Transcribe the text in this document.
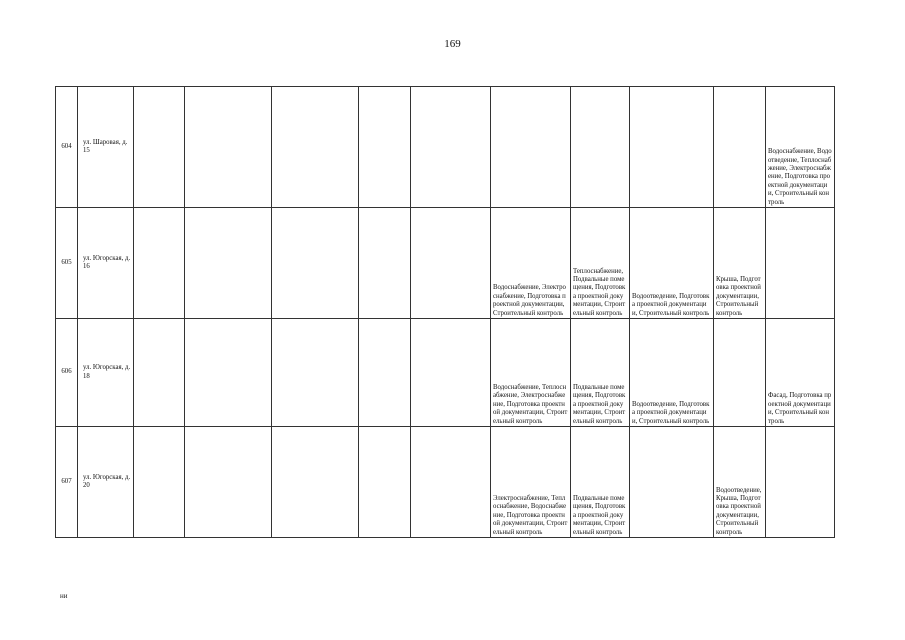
169
604	ул. Шаровая, д. 15										Водоснабжение, Водоотведение, Теплоснабжение, Электроснабжение, Подготовка проектной документации, Строительный контроль
605	ул. Югорская, д. 16						Водоснабжение, Электроснабжение, Подготовка проектной документации, Строительный контроль	Теплоснабжение, Подвальные помещения, Подготовка проектной документации, Строительный контроль	Водоотведение, Подготовка проектной документации, Строительный контроль	Крыша, Подготовка проектной документации, Строительный контроль	
606	ул. Югорская, д. 18						Водоснабжение, Теплоснабжение, Электроснабжение, Подготовка проектной документации, Строительный контроль	Подвальные помещения, Подготовка проектной документации, Строительный контроль	Водоотведение, Подготовка проектной документации, Строительный контроль		Фасад, Подготовка проектной документации, Строительный контроль
607	ул. Югорская, д. 20						Электроснабжение, Теплоснабжение, Водоснабжение, Подготовка проектной документации, Строительный контроль	Подвальные помещения, Подготовка проектной документации, Строительный контроль		Водоотведение, Крыша, Подготовка проектной документации, Строительный контроль	
ни
